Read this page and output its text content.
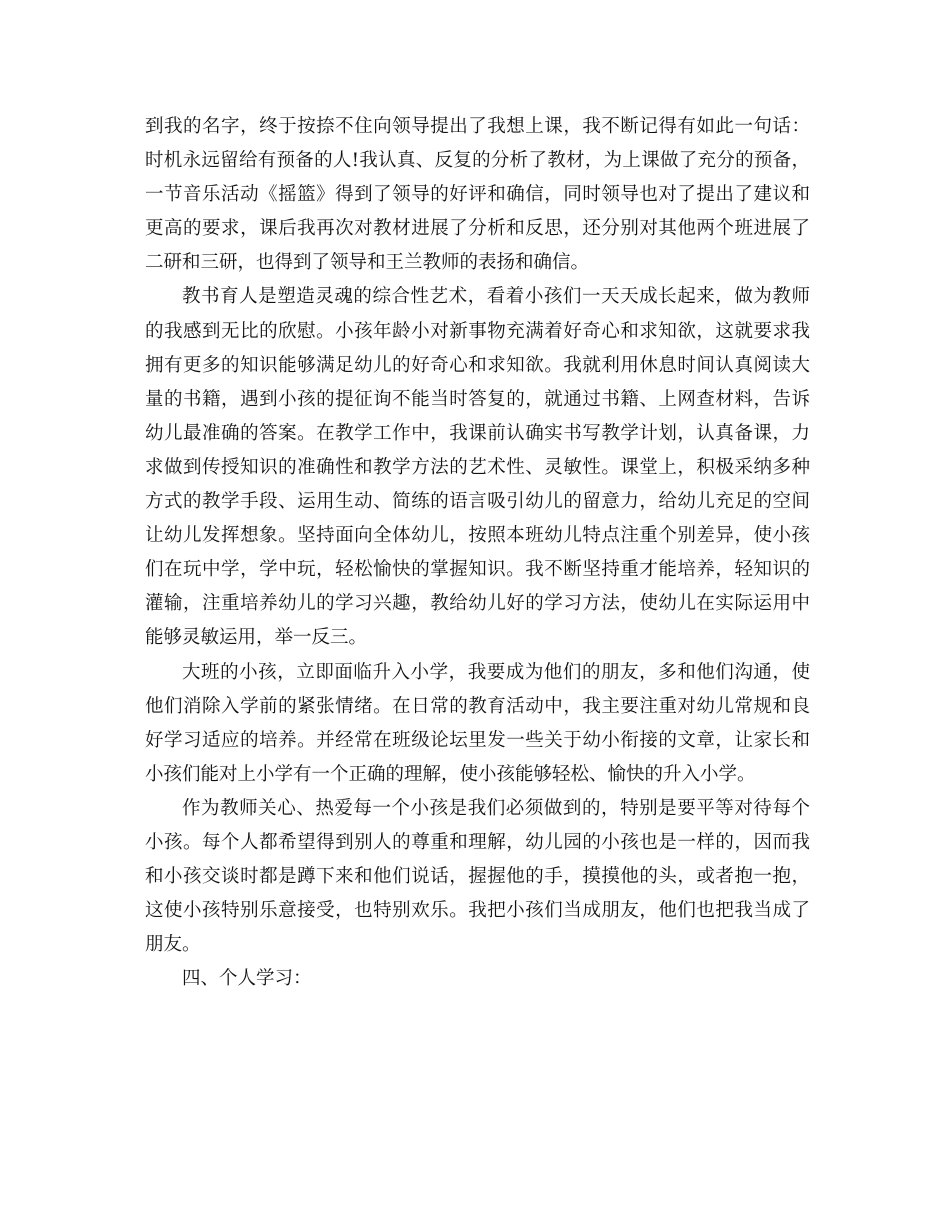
到我的名字，终于按捺不住向领导提出了我想上课，我不断记得有如此一句话：时机永远留给有预备的人!我认真、反复的分析了教材，为上课做了充分的预备，一节音乐活动《摇篮》得到了领导的好评和确信，同时领导也对了提出了建议和更高的要求，课后我再次对教材进展了分析和反思，还分别对其他两个班进展了二研和三研，也得到了领导和王兰教师的表扬和确信。

教书育人是塑造灵魂的综合性艺术，看着小孩们一天天成长起来，做为教师的我感到无比的欣慰。小孩年龄小对新事物充满着好奇心和求知欲，这就要求我拥有更多的知识能够满足幼儿的好奇心和求知欲。我就利用休息时间认真阅读大量的书籍，遇到小孩的提征询不能当时答复的，就通过书籍、上网查材料，告诉幼儿最准确的答案。在教学工作中，我课前认确实书写教学计划，认真备课，力求做到传授知识的准确性和教学方法的艺术性、灵敏性。课堂上，积极采纳多种方式的教学手段、运用生动、简练的语言吸引幼儿的留意力，给幼儿充足的空间让幼儿发挥想象。坚持面向全体幼儿，按照本班幼儿特点注重个别差异，使小孩们在玩中学，学中玩，轻松愉快的掌握知识。我不断坚持重才能培养，轻知识的灌输，注重培养幼儿的学习兴趣，教给幼儿好的学习方法，使幼儿在实际运用中能够灵敏运用，举一反三。

大班的小孩，立即面临升入小学，我要成为他们的朋友，多和他们沟通，使他们消除入学前的紧张情绪。在日常的教育活动中，我主要注重对幼儿常规和良好学习适应的培养。并经常在班级论坛里发一些关于幼小衔接的文章，让家长和小孩们能对上小学有一个正确的理解，使小孩能够轻松、愉快的升入小学。

作为教师关心、热爱每一个小孩是我们必须做到的，特别是要平等对待每个小孩。每个人都希望得到别人的尊重和理解，幼儿园的小孩也是一样的，因而我和小孩交谈时都是蹲下来和他们说话，握握他的手，摸摸他的头，或者抱一抱，这使小孩特别乐意接受，也特别欢乐。我把小孩们当成朋友，他们也把我当成了朋友。

四、个人学习：
